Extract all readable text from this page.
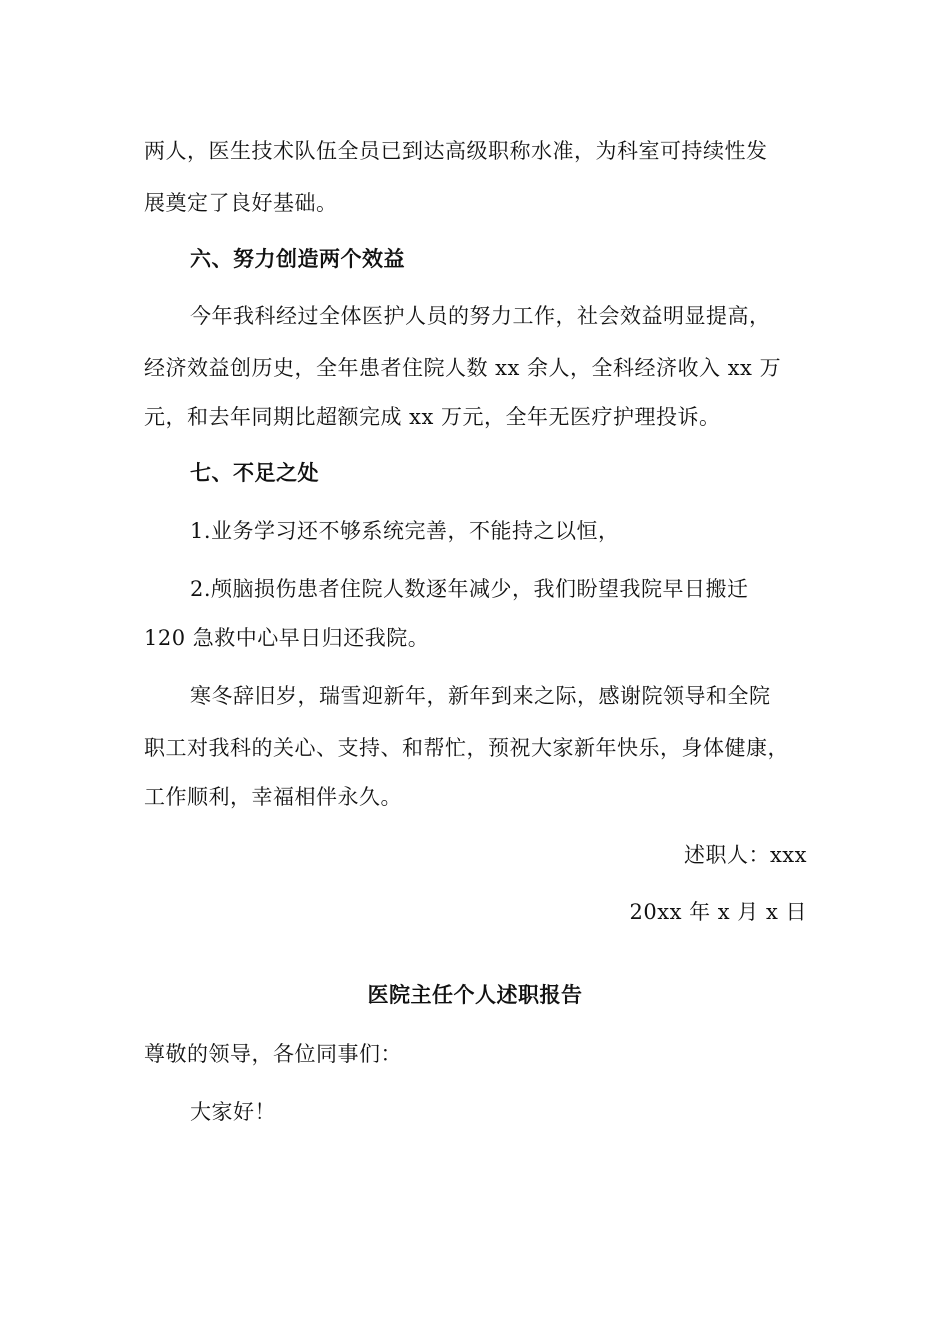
两人，医生技术队伍全员已到达高级职称水准，为科室可持续性发
展奠定了良好基础。
六、努力创造两个效益
今年我科经过全体医护人员的努力工作，社会效益明显提高，
经济效益创历史，全年患者住院人数 xx 余人，全科经济收入 xx 万
元，和去年同期比超额完成 xx 万元，全年无医疗护理投诉。
七、不足之处
1.业务学习还不够系统完善，不能持之以恒，
2.颅脑损伤患者住院人数逐年减少，我们盼望我院早日搬迁
120 急救中心早日归还我院。
寒冬辞旧岁，瑞雪迎新年，新年到来之际，感谢院领导和全院
职工对我科的关心、支持、和帮忙，预祝大家新年快乐，身体健康，
工作顺利，幸福相伴永久。
述职人：xxx
20xx 年 x 月 x 日
医院主任个人述职报告
尊敬的领导，各位同事们：
大家好！
